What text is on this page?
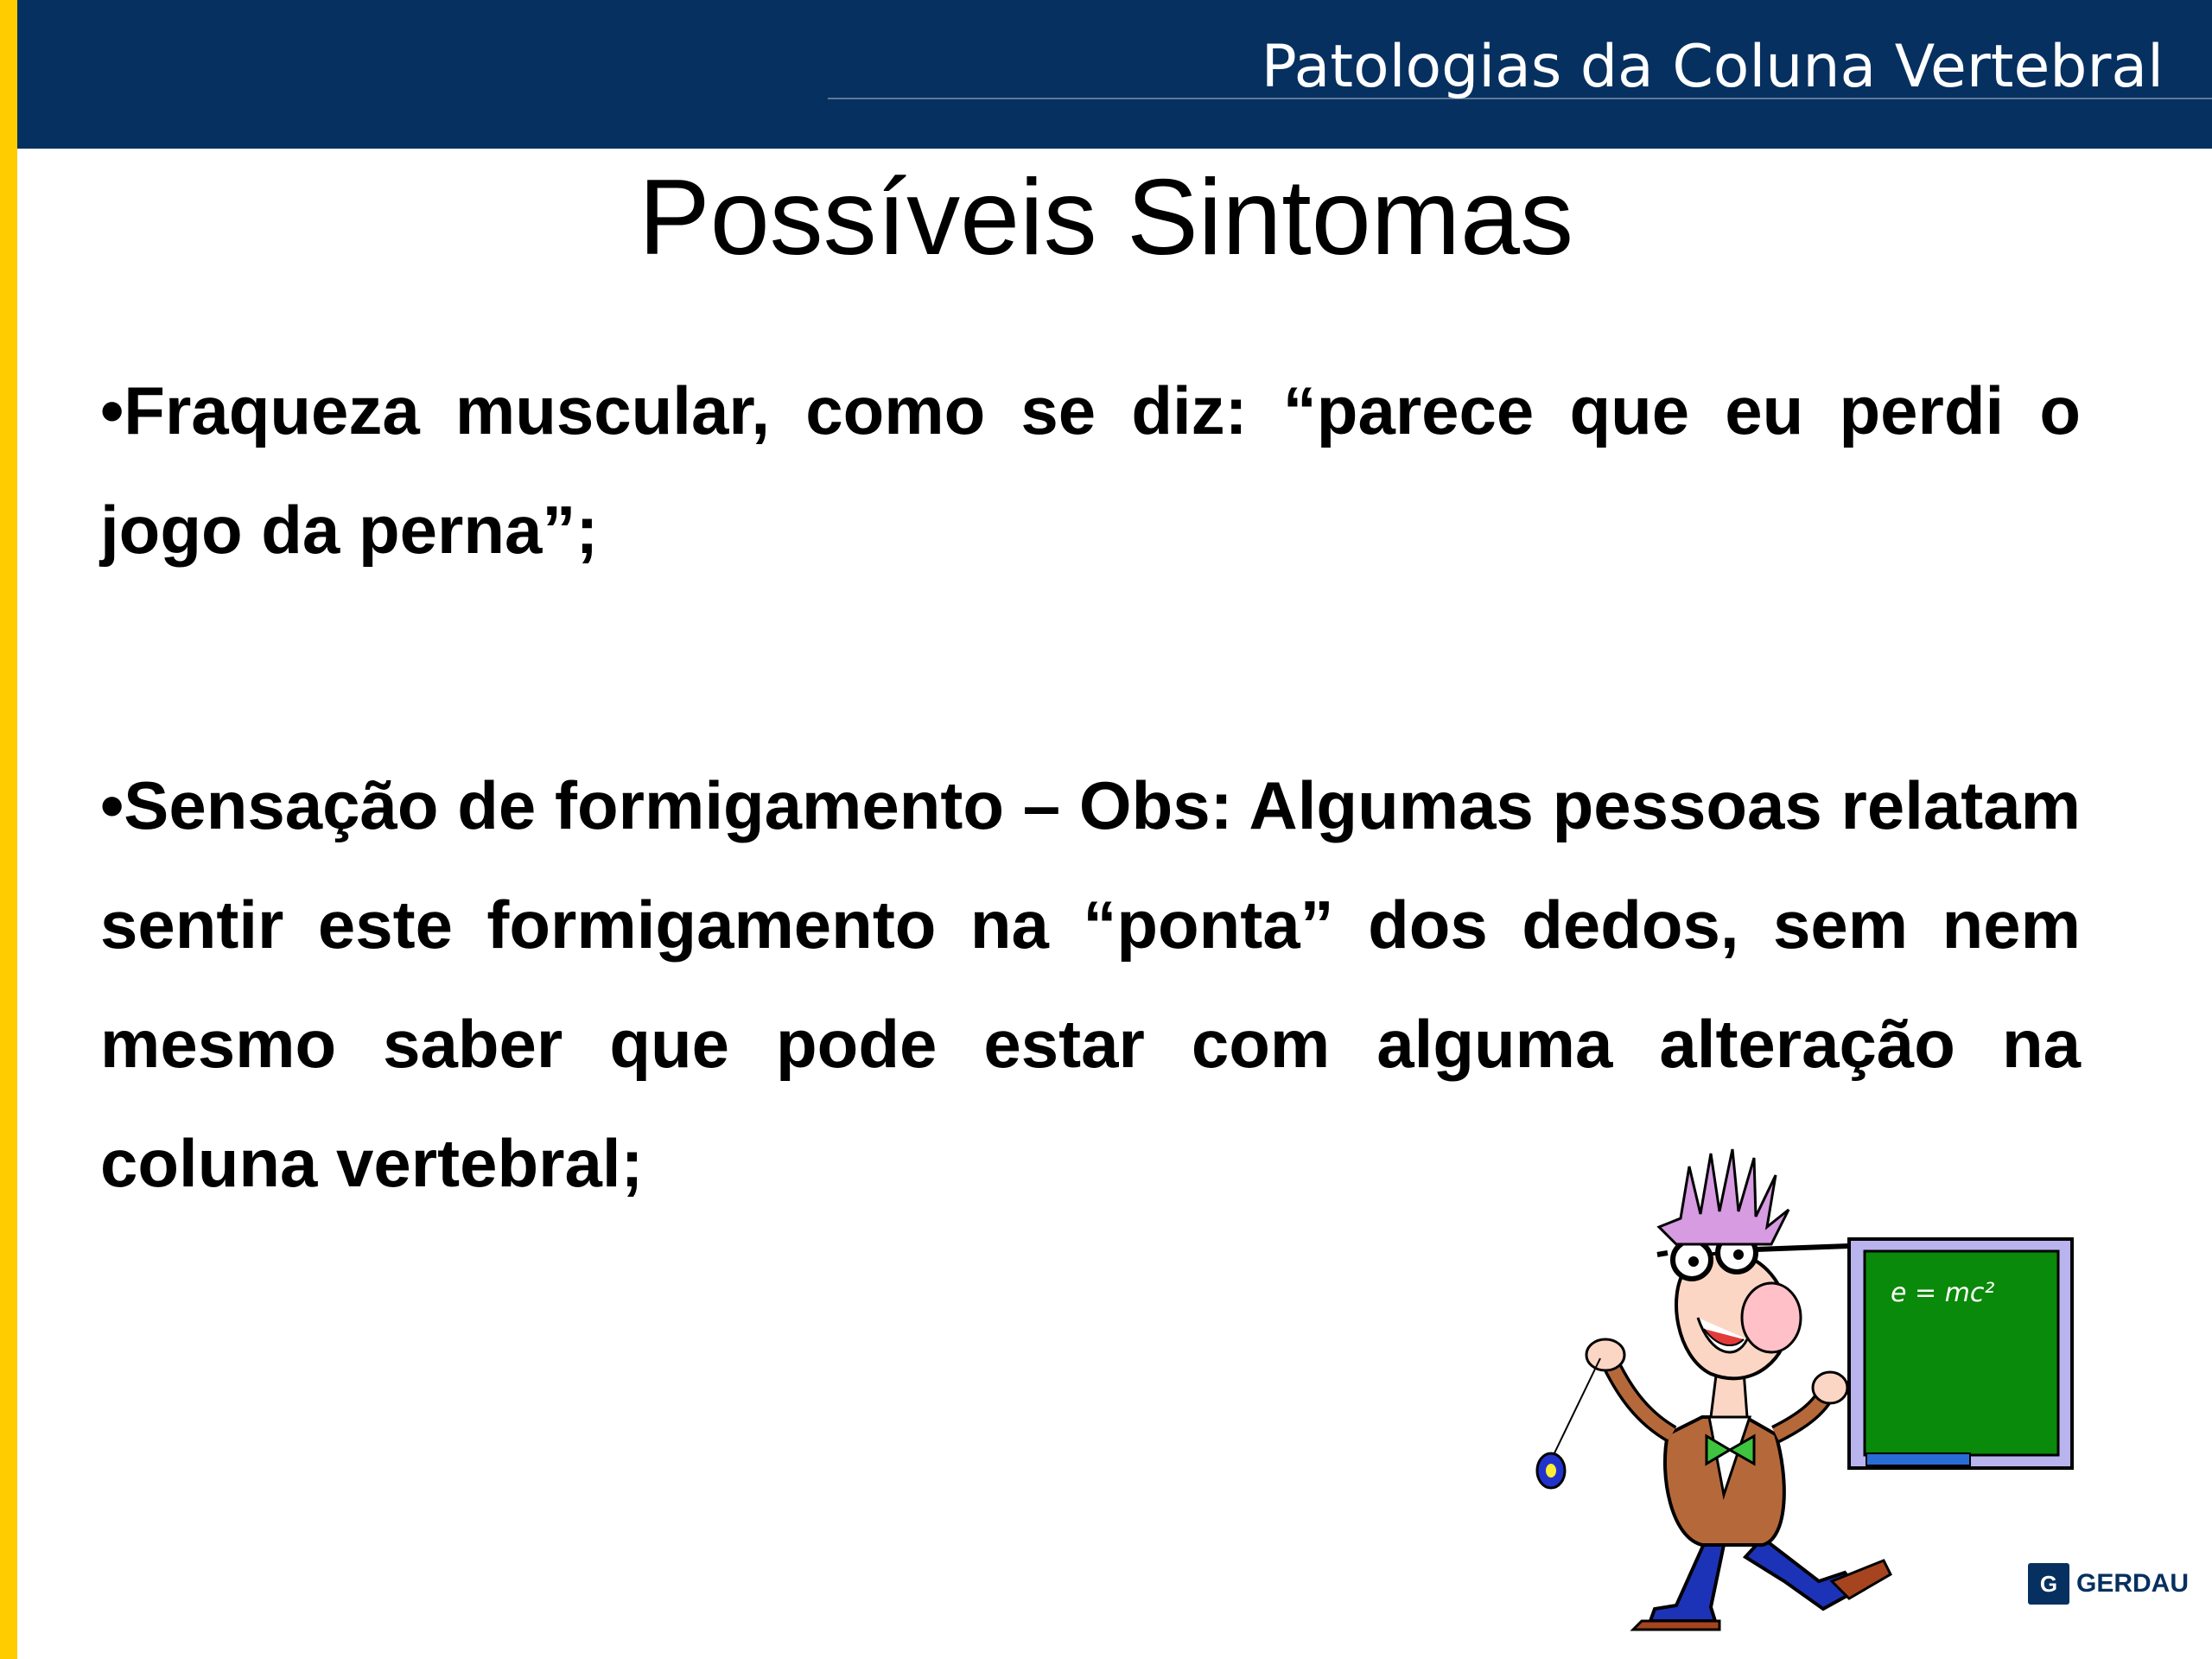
Patologias da Coluna Vertebral
Possíveis Sintomas
•Fraqueza muscular, como se diz: “parece que eu perdi o jogo da perna”;
•Sensação de formigamento – Obs: Algumas pessoas relatam sentir este formigamento na “ponta” dos dedos, sem nem mesmo saber que pode estar com alguma alteração na coluna vertebral;
e = mc²
G GERDAU
